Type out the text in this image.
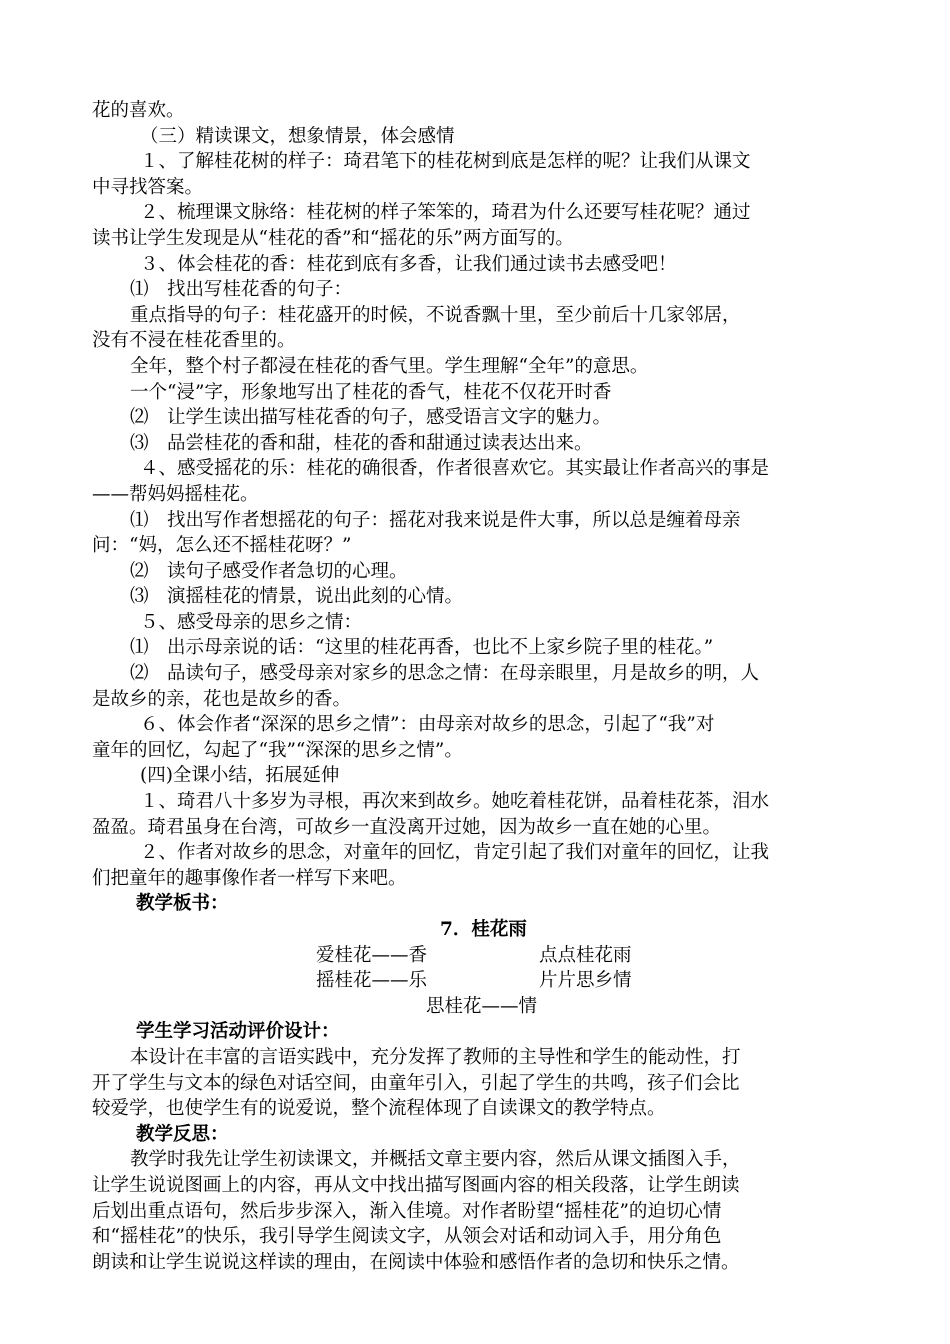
花的喜欢。
（三）精读课文，想象情景，体会感情
１、了解桂花树的样子：琦君笔下的桂花树到底是怎样的呢？让我们从课文
中寻找答案。
２、梳理课文脉络：桂花树的样子笨笨的，琦君为什么还要写桂花呢？通过
读书让学生发现是从“桂花的香”和“摇花的乐”两方面写的。
３、体会桂花的香：桂花到底有多香，让我们通过读书去感受吧！
⑴　找出写桂花香的句子：
重点指导的句子：桂花盛开的时候，不说香飘十里，至少前后十几家邻居，
没有不浸在桂花香里的。
全年，整个村子都浸在桂花的香气里。学生理解“全年”的意思。
一个“浸”字，形象地写出了桂花的香气，桂花不仅花开时香
⑵　让学生读出描写桂花香的句子，感受语言文字的魅力。
⑶　品尝桂花的香和甜，桂花的香和甜通过读表达出来。
４、感受摇花的乐：桂花的确很香，作者很喜欢它。其实最让作者高兴的事是
——帮妈妈摇桂花。
⑴　找出写作者想摇花的句子：摇花对我来说是件大事，所以总是缠着母亲
问：“妈，怎么还不摇桂花呀？”
⑵　读句子感受作者急切的心理。
⑶　演摇桂花的情景，说出此刻的心情。
５、感受母亲的思乡之情：
⑴　出示母亲说的话：“这里的桂花再香，也比不上家乡院子里的桂花。”
⑵　品读句子，感受母亲对家乡的思念之情：在母亲眼里，月是故乡的明，人
是故乡的亲，花也是故乡的香。
６、体会作者“深深的思乡之情”：由母亲对故乡的思念，引起了“我”对
童年的回忆，勾起了“我”“深深的思乡之情”。
(四)全课小结，拓展延伸
１、琦君八十多岁为寻根，再次来到故乡。她吃着桂花饼，品着桂花茶，泪水
盈盈。琦君虽身在台湾，可故乡一直没离开过她，因为故乡一直在她的心里。
２、作者对故乡的思念，对童年的回忆，肯定引起了我们对童年的回忆，让我
们把童年的趣事像作者一样写下来吧。
教学板书：
7．桂花雨
爱桂花——香	点点桂花雨
摇桂花——乐	片片思乡情
思桂花——情
学生学习活动评价设计：
本设计在丰富的言语实践中，充分发挥了教师的主导性和学生的能动性，打
开了学生与文本的绿色对话空间，由童年引入，引起了学生的共鸣，孩子们会比
较爱学，也使学生有的说爱说，整个流程体现了自读课文的教学特点。
教学反思：
教学时我先让学生初读课文，并概括文章主要内容，然后从课文插图入手，
让学生说说图画上的内容，再从文中找出描写图画内容的相关段落，让学生朗读
后划出重点语句，然后步步深入，渐入佳境。对作者盼望“摇桂花”的迫切心情
和“摇桂花”的快乐，我引导学生阅读文字，从领会对话和动词入手，用分角色
朗读和让学生说说这样读的理由，在阅读中体验和感悟作者的急切和快乐之情。
